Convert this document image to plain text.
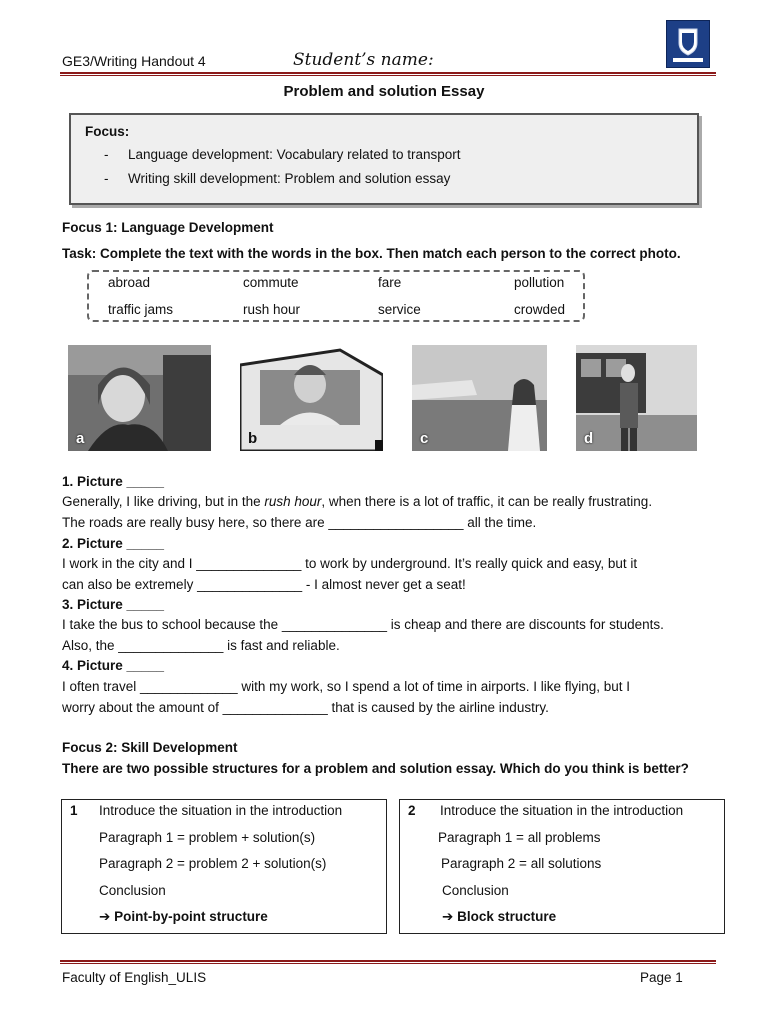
GE3/Writing Handout 4	Student’s name:
Problem and solution Essay
Focus:
- Language development: Vocabulary related to transport
- Writing skill development: Problem and solution essay
Focus 1: Language Development
Task: Complete the text with the words in the box. Then match each person to the correct photo.
abroad	commute	fare	pollution
traffic jams	rush hour	service	crowded
a	b	c	d
1. Picture _____
Generally, I like driving, but in the rush hour, when there is a lot of traffic, it can be really frustrating.
The roads are really busy here, so there are __________________ all the time.
2. Picture _____
I work in the city and I ______________ to work by underground. It’s really quick and easy, but it
can also be extremely ______________ - I almost never get a seat!
3. Picture _____
I take the bus to school because the ______________ is cheap and there are discounts for students.
Also, the ______________ is fast and reliable.
4. Picture _____
I often travel _____________ with my work, so I spend a lot of time in airports. I like flying, but I
worry about the amount of ______________ that is caused by the airline industry.
Focus 2: Skill Development
There are two possible structures for a problem and solution essay. Which do you think is better?
1 Introduce the situation in the introduction
Paragraph 1 = problem + solution(s)
Paragraph 2 = problem 2 + solution(s)
Conclusion
➔ Point-by-point structure
2 Introduce the situation in the introduction
Paragraph 1 = all problems
Paragraph 2 = all solutions
Conclusion
➔ Block structure
Faculty of English_ULIS	Page 1
